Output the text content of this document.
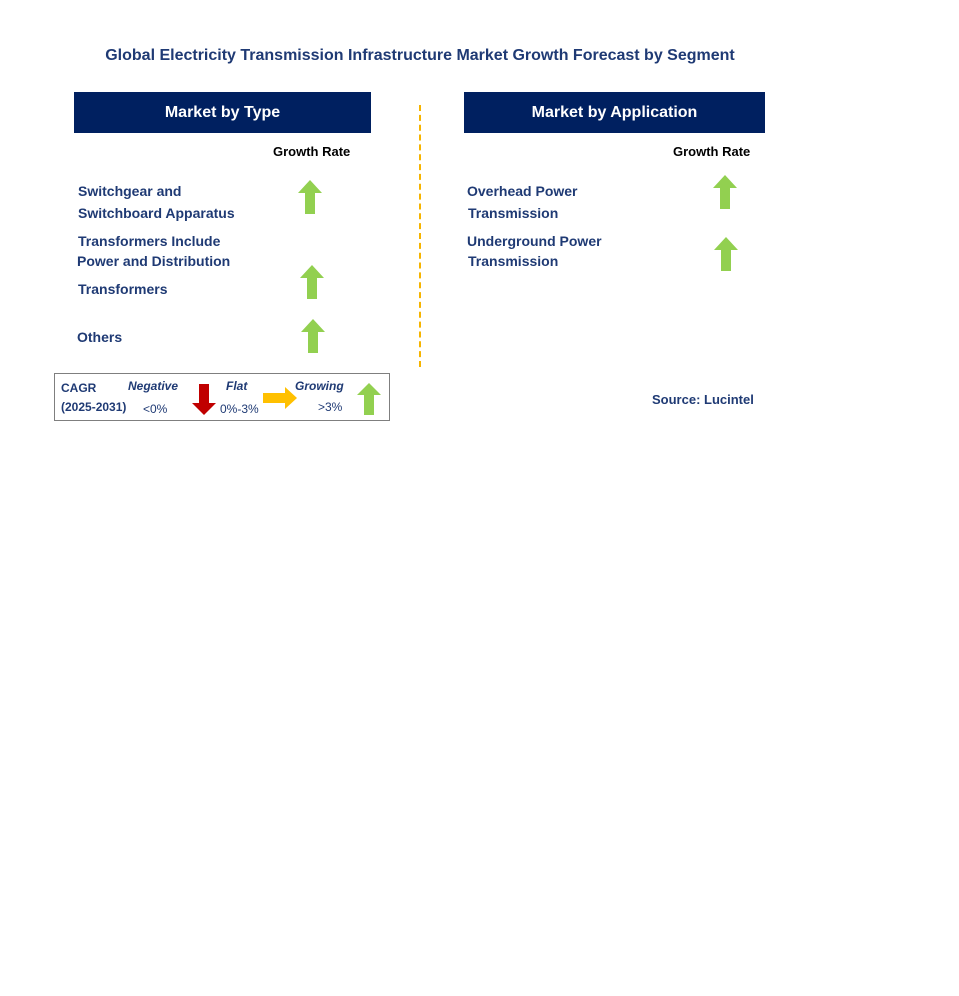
Global Electricity Transmission Infrastructure Market Growth Forecast by Segment
Market by Type
Growth Rate
Switchgear and
Switchboard Apparatus
Transformers Include
Power and Distribution
Transformers
Others
Market by Application
Growth Rate
Overhead Power
Transmission
Underground Power
Transmission
CAGR
(2025-2031)
Negative
<0%
Flat
0%-3%
Growing
>3%	Source: Lucintel
